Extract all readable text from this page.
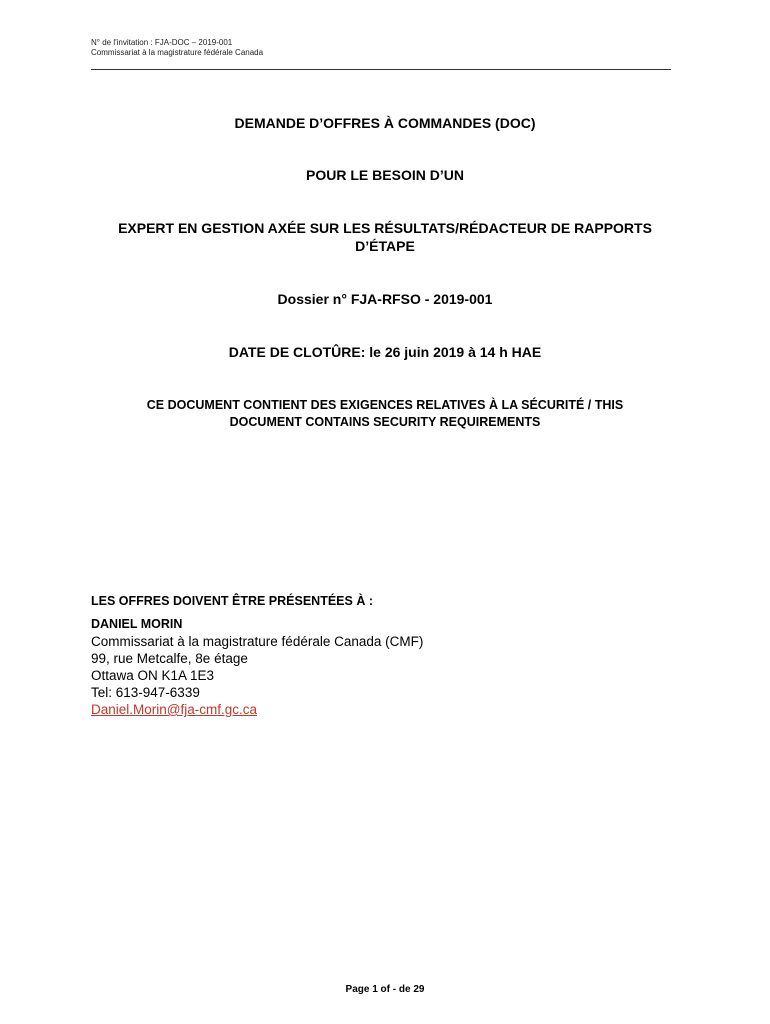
N° de l'invitation : FJA-DOC – 2019-001
Commissariat à la magistrature fédérale Canada
DEMANDE D’OFFRES À COMMANDES (DOC)
POUR LE BESOIN D’UN
EXPERT EN GESTION AXÉE SUR LES RÉSULTATS/RÉDACTEUR DE RAPPORTS
D’ÉTAPE
Dossier n° FJA-RFSO - 2019-001
DATE DE CLOTÛRE: le 26 juin 2019 à 14 h HAE
CE DOCUMENT CONTIENT DES EXIGENCES RELATIVES À LA SÉCURITÉ / THIS
DOCUMENT CONTAINS SECURITY REQUIREMENTS
LES OFFRES DOIVENT ÊTRE PRÉSENTÉES À :
DANIEL MORIN
Commissariat à la magistrature fédérale Canada (CMF)
99, rue Metcalfe, 8e étage
Ottawa ON K1A 1E3
Tel: 613-947-6339
Daniel.Morin@fja-cmf.gc.ca
Page 1 of - de 29
